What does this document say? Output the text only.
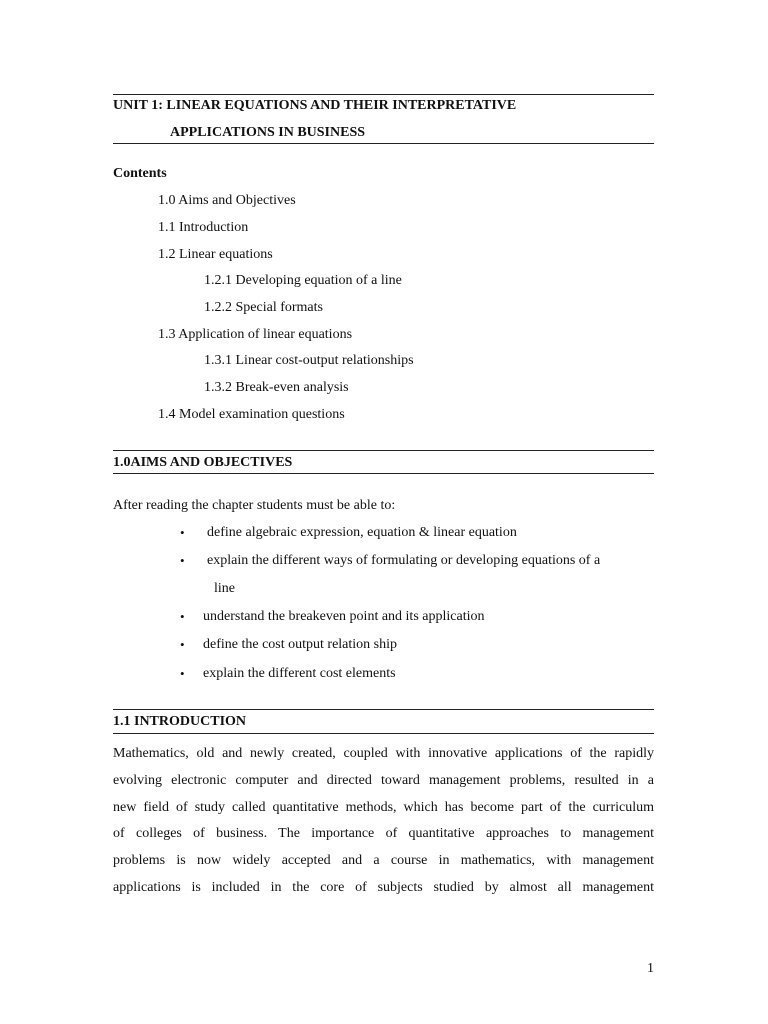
UNIT 1: LINEAR EQUATIONS AND THEIR INTERPRETATIVE
APPLICATIONS IN BUSINESS
Contents
1.0 Aims and Objectives
1.1 Introduction
1.2 Linear equations
1.2.1 Developing equation of a line
1.2.2 Special formats
1.3 Application of linear equations
1.3.1 Linear cost-output relationships
1.3.2 Break-even analysis
1.4 Model examination questions
1.0AIMS AND OBJECTIVES
After reading the chapter students must be able to:
• define algebraic expression, equation & linear equation
• explain the different ways of formulating or developing equations of a
line
• understand the breakeven point and its application
• define the cost output relation ship
• explain the different cost elements
1.1 INTRODUCTION
Mathematics, old and newly created, coupled with innovative applications of the rapidly
evolving electronic computer and directed toward management problems, resulted in a
new field of study called quantitative methods, which has become part of the curriculum
of colleges of business. The importance of quantitative approaches to management
problems is now widely accepted and a course in mathematics, with management
applications is included in the core of subjects studied by almost all management
1
